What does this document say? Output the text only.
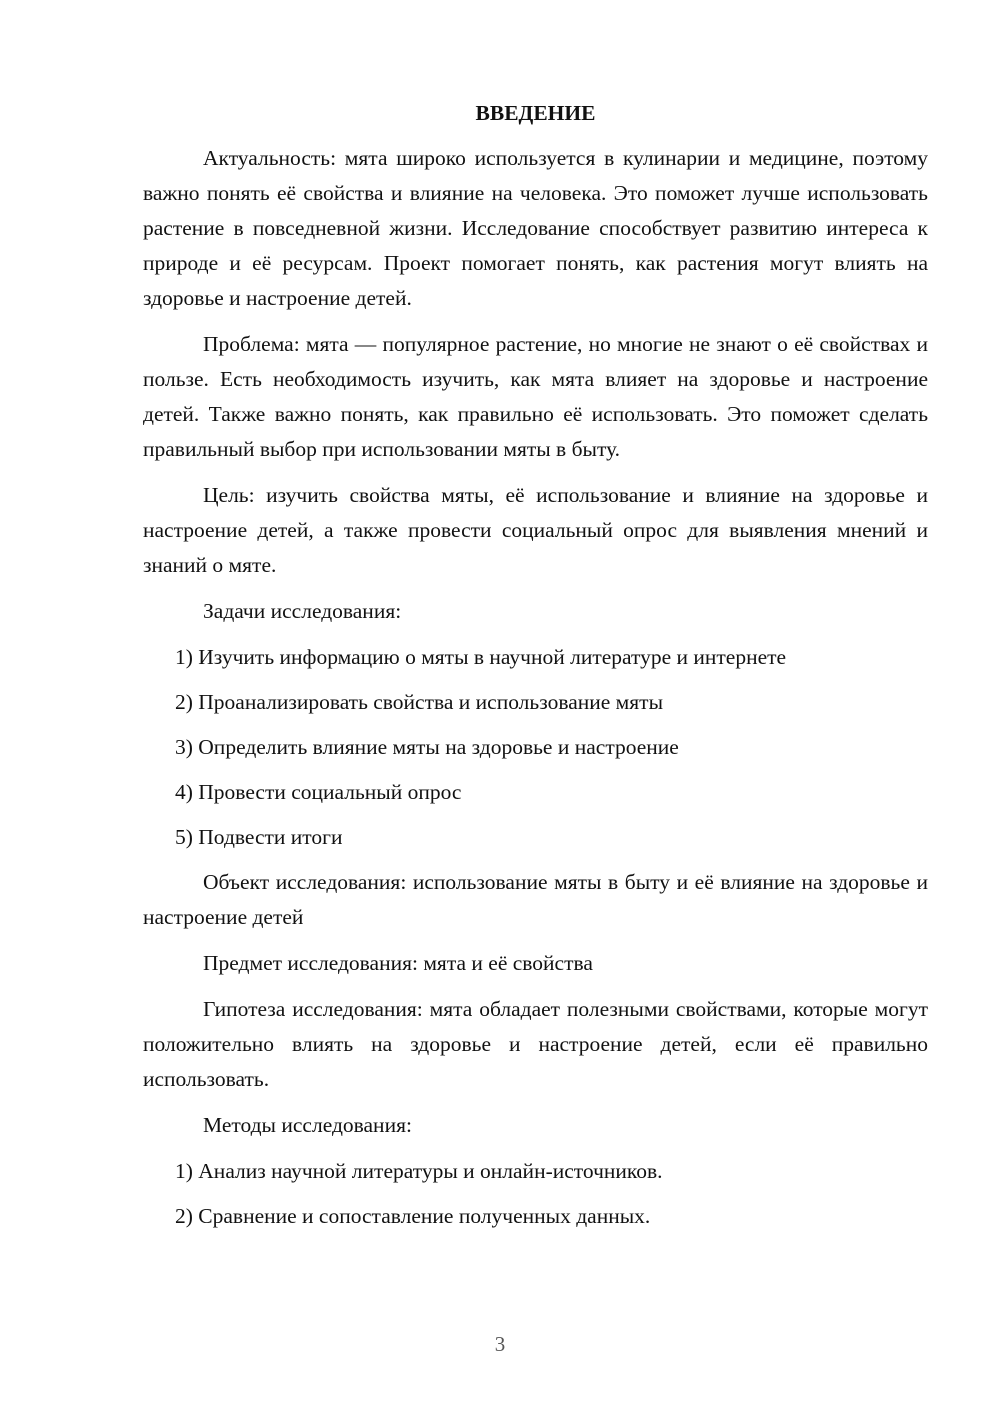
ВВЕДЕНИЕ

Актуальность: мята широко используется в кулинарии и медицине, поэтому важно понять её свойства и влияние на человека. Это поможет лучше использовать растение в повседневной жизни. Исследование способствует развитию интереса к природе и её ресурсам. Проект помогает понять, как растения могут влиять на здоровье и настроение детей.

Проблема: мята — популярное растение, но многие не знают о её свойствах и пользе. Есть необходимость изучить, как мята влияет на здоровье и настроение детей. Также важно понять, как правильно её использовать. Это поможет сделать правильный выбор при использовании мяты в быту.

Цель: изучить свойства мяты, её использование и влияние на здоровье и настроение детей, а также провести социальный опрос для выявления мнений и знаний о мяте.

Задачи исследования:

1) Изучить информацию о мяты в научной литературе и интернете
2) Проанализировать свойства и использование мяты
3) Определить влияние мяты на здоровье и настроение
4) Провести социальный опрос
5) Подвести итоги

Объект исследования: использование мяты в быту и её влияние на здоровье и настроение детей

Предмет исследования: мята и её свойства

Гипотеза исследования: мята обладает полезными свойствами, которые могут положительно влиять на здоровье и настроение детей, если её правильно использовать.

Методы исследования:

1) Анализ научной литературы и онлайн-источников.
2) Сравнение и сопоставление полученных данных.
3
